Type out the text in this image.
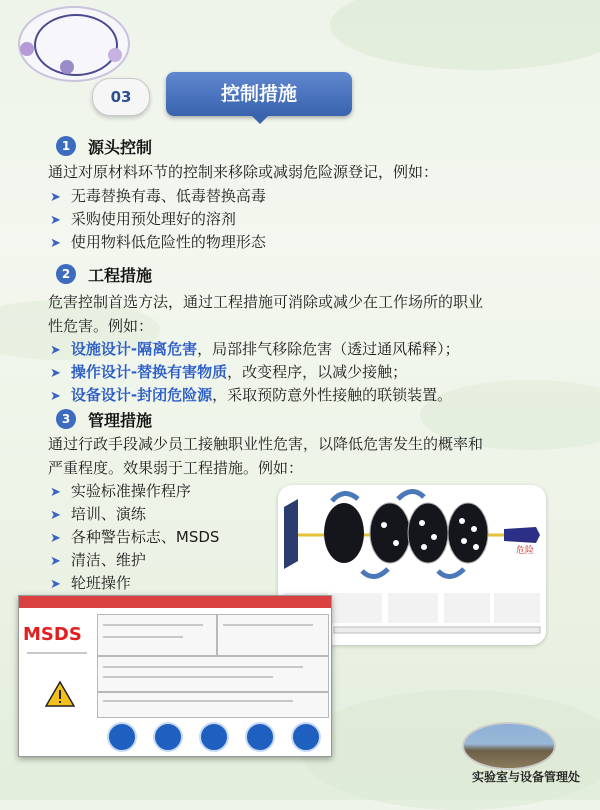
03	控制措施
1	源头控制
通过对原材料环节的控制来移除或减弱危险源登记，例如：
➤ 无毒替换有毒、低毒替换高毒
➤ 采购使用预处理好的溶剂
➤ 使用物料低危险性的物理形态
2	工程措施
危害控制首选方法，通过工程措施可消除或减少在工作场所的职业
性危害。例如：
➤ 设施设计-隔离危害，局部排气移除危害（透过通风稀释）；
➤ 操作设计-替换有害物质，改变程序，以减少接触；
➤ 设备设计-封闭危险源，采取预防意外性接触的联锁装置。
3	管理措施
通过行政手段减少员工接触职业性危害，以降低危害发生的概率和
严重程度。效果弱于工程措施。例如：
➤ 实验标准操作程序
➤ 培训、演练
➤ 各种警告标志、MSDS
➤ 清洁、维护
➤ 轮班操作
危险
MSDS
实验室与设备管理处
